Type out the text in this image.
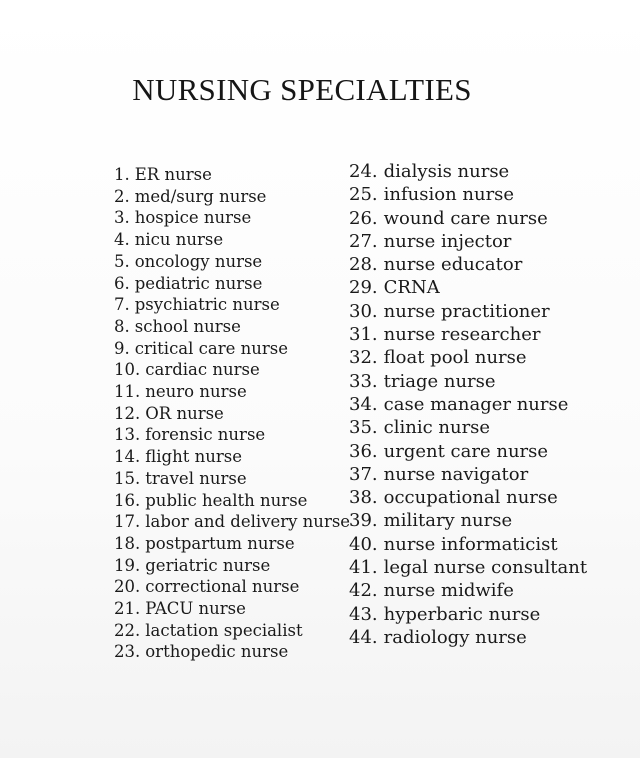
NURSING SPECIALTIES
1. ER nurse
2. med/surg nurse
3. hospice nurse
4. nicu nurse
5. oncology nurse
6. pediatric nurse
7. psychiatric nurse
8. school nurse
9. critical care nurse
10. cardiac nurse
11. neuro nurse
12. OR nurse
13. forensic nurse
14. flight nurse
15. travel nurse
16. public health nurse
17. labor and delivery nurse
18. postpartum nurse
19. geriatric nurse
20. correctional nurse
21. PACU nurse
22. lactation specialist
23. orthopedic nurse
24. dialysis nurse
25. infusion nurse
26. wound care nurse
27. nurse injector
28. nurse educator
29. CRNA
30. nurse practitioner
31. nurse researcher
32. float pool nurse
33. triage nurse
34. case manager nurse
35. clinic nurse
36. urgent care nurse
37. nurse navigator
38. occupational nurse
39. military nurse
40. nurse informaticist
41. legal nurse consultant
42. nurse midwife
43. hyperbaric nurse
44. radiology nurse
